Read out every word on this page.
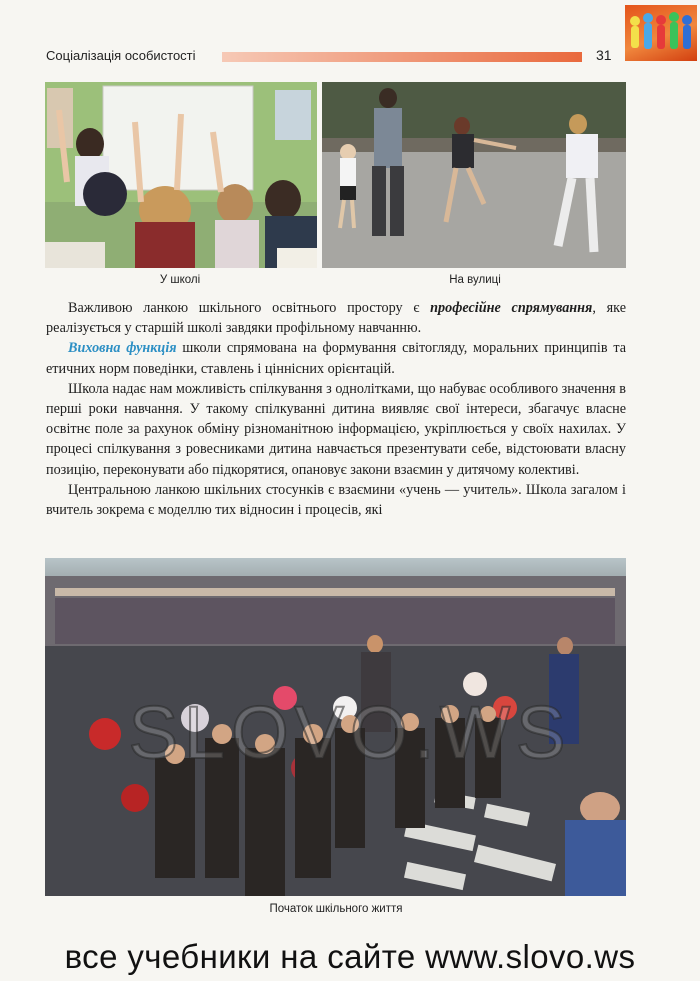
Соціалізація особистості	31
У школі	На вулиці

Важливою ланкою шкільного освітнього простору є професійне спрямування, яке реалізується у старшій школі завдяки профільному навчанню.

Виховна функція школи спрямована на формування світогляду, моральних принципів та етичних норм поведінки, ставлень і ціннісних орієнтацій.

Школа надає нам можливість спілкування з однолітками, що набуває особливого значення в перші роки навчання. У такому спілкуванні дитина виявляє свої інтереси, збагачує власне освітнє поле за рахунок обміну різноманітною інформацією, укріплюється у своїх нахилах. У процесі спілкування з ровесниками дитина навчається презентувати себе, відстоювати власну позицію, переконувати або підкорятися, опановує закони взаємин у дитячому колективі.

Центральною ланкою шкільних стосунків є взаємини «учень — учитель». Школа загалом і вчитель зокрема є моделлю тих відносин і процесів, які

SLOVO.WS
Початок шкільного життя
все учебники на сайте www.slovo.ws
